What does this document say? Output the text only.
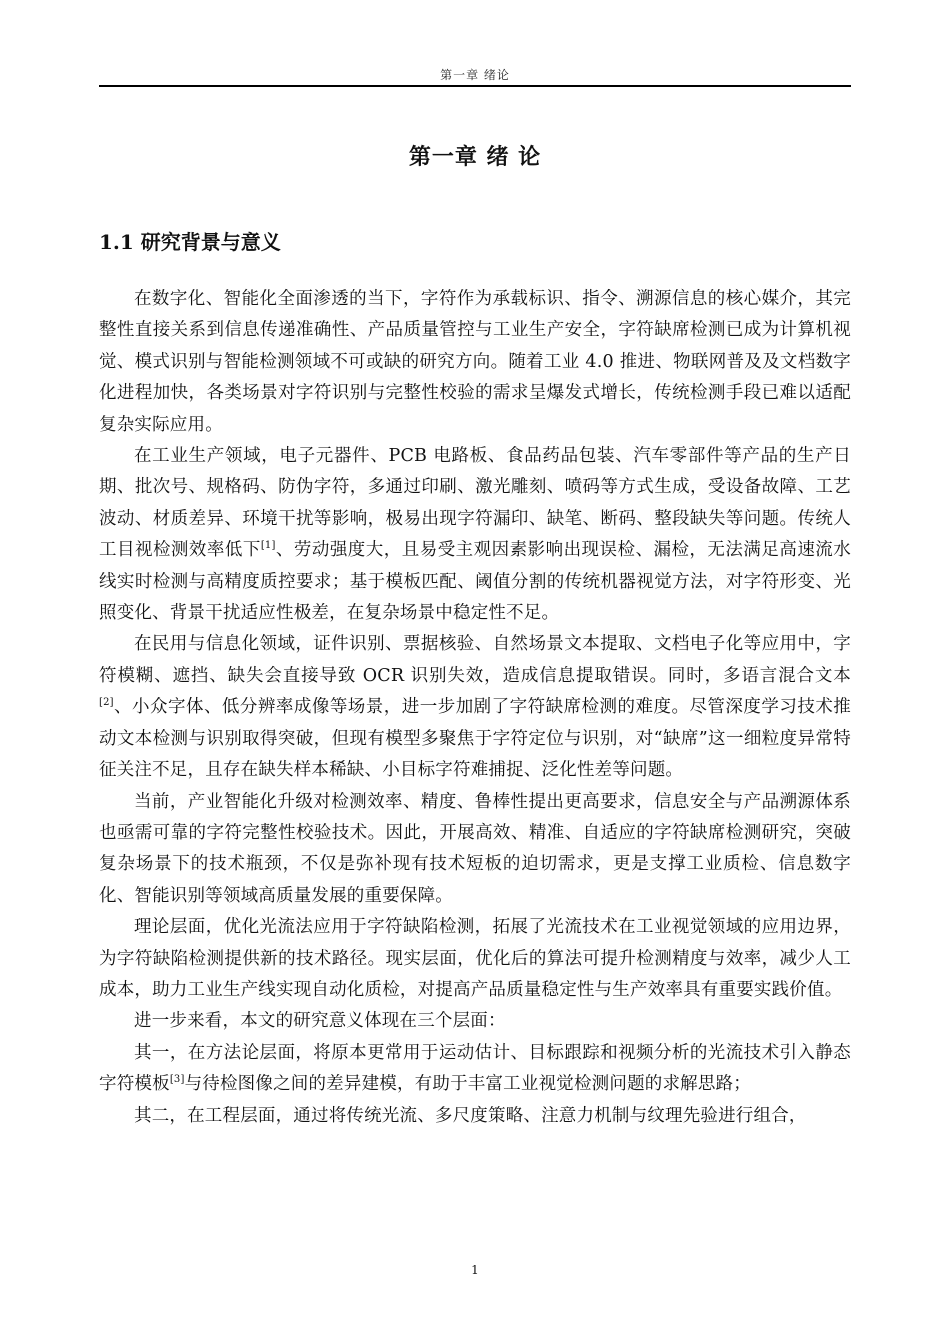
第一章 绪论
第一章 绪 论
1.1 研究背景与意义

在数字化、智能化全面渗透的当下，字符作为承载标识、指令、溯源信息的核心媒介，其完整性直接关系到信息传递准确性、产品质量管控与工业生产安全，字符缺席检测已成为计算机视觉、模式识别与智能检测领域不可或缺的研究方向。随着工业 4.0 推进、物联网普及及文档数字化进程加快，各类场景对字符识别与完整性校验的需求呈爆发式增长，传统检测手段已难以适配复杂实际应用。

在工业生产领域，电子元器件、PCB 电路板、食品药品包装、汽车零部件等产品的生产日期、批次号、规格码、防伪字符，多通过印刷、激光雕刻、喷码等方式生成，受设备故障、工艺波动、材质差异、环境干扰等影响，极易出现字符漏印、缺笔、断码、整段缺失等问题。传统人工目视检测效率低下[1]、劳动强度大，且易受主观因素影响出现误检、漏检，无法满足高速流水线实时检测与高精度质控要求；基于模板匹配、阈值分割的传统机器视觉方法，对字符形变、光照变化、背景干扰适应性极差，在复杂场景中稳定性不足。

在民用与信息化领域，证件识别、票据核验、自然场景文本提取、文档电子化等应用中，字符模糊、遮挡、缺失会直接导致 OCR 识别失效，造成信息提取错误。同时，多语言混合文本[2]、小众字体、低分辨率成像等场景，进一步加剧了字符缺席检测的难度。尽管深度学习技术推动文本检测与识别取得突破，但现有模型多聚焦于字符定位与识别，对“缺席”这一细粒度异常特征关注不足，且存在缺失样本稀缺、小目标字符难捕捉、泛化性差等问题。

当前，产业智能化升级对检测效率、精度、鲁棒性提出更高要求，信息安全与产品溯源体系也亟需可靠的字符完整性校验技术。因此，开展高效、精准、自适应的字符缺席检测研究，突破复杂场景下的技术瓶颈，不仅是弥补现有技术短板的迫切需求，更是支撑工业质检、信息数字化、智能识别等领域高质量发展的重要保障。

理论层面，优化光流法应用于字符缺陷检测，拓展了光流技术在工业视觉领域的应用边界，为字符缺陷检测提供新的技术路径。现实层面，优化后的算法可提升检测精度与效率，减少人工成本，助力工业生产线实现自动化质检，对提高产品质量稳定性与生产效率具有重要实践价值。

进一步来看，本文的研究意义体现在三个层面：

其一，在方法论层面，将原本更常用于运动估计、目标跟踪和视频分析的光流技术引入静态字符模板[3]与待检图像之间的差异建模，有助于丰富工业视觉检测问题的求解思路；

其二，在工程层面，通过将传统光流、多尺度策略、注意力机制与纹理先验进行组合，

1
